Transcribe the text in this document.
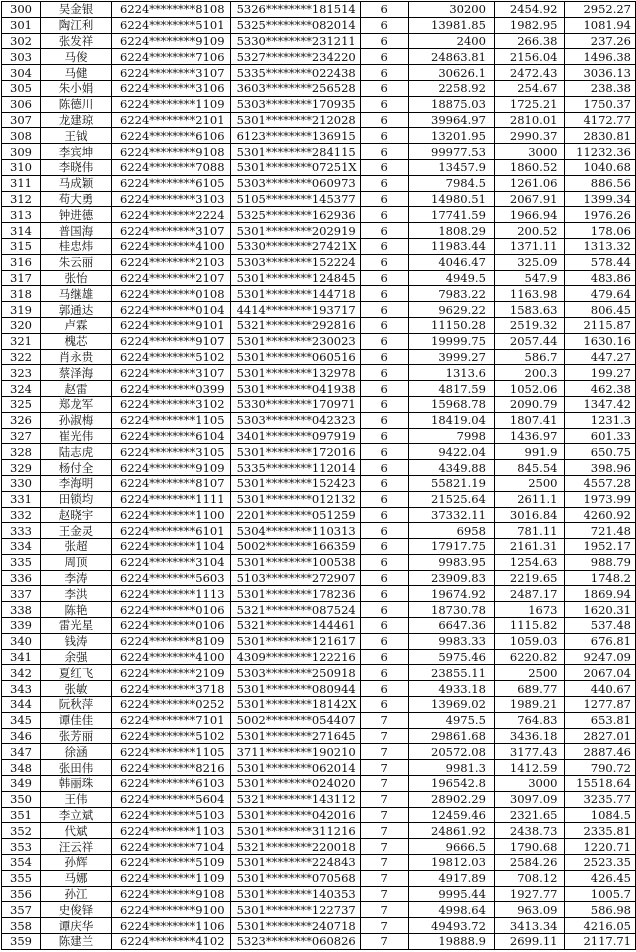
300	吴金银	6224********8108	5326********181514	6	30200	2454.92	2952.27
301	陶江利	6224********5101	5325********082014	6	13981.85	1982.95	1081.94
302	张发祥	6224********9109	5330********231211	6	2400	266.38	237.26
303	马俊	6224********7106	5327********234220	6	24863.81	2156.04	1496.38
304	马健	6224********3107	5335********022438	6	30626.1	2472.43	3036.13
305	朱小娟	6224********3106	3603********256528	6	2258.92	254.67	238.38
306	陈德川	6224********1109	5303********170935	6	18875.03	1725.21	1750.37
307	龙建琼	6224********2101	5301********212028	6	39964.97	2810.01	4172.77
308	王钺	6224********6106	6123********136915	6	13201.95	2990.37	2830.81
309	李宾坤	6224********9108	5301********284115	6	99977.53	3000	11232.36
310	李晓伟	6224********7088	5301********07251X	6	13457.9	1860.52	1040.68
311	马成颖	6224********6105	5303********060973	6	7984.5	1261.06	886.56
312	苟大勇	6224********3103	5105********145377	6	14980.51	2067.91	1399.34
313	钟进德	6224********2224	5325********162936	6	17741.59	1966.94	1976.26
314	普国海	6224********3107	5301********202919	6	1808.29	200.52	178.06
315	桂忠炜	6224********4100	5330********27421X	6	11983.44	1371.11	1313.32
316	朱云丽	6224********2103	5303********152224	6	4046.47	325.09	578.44
317	张怡	6224********2107	5301********124845	6	4949.5	547.9	483.86
318	马继雄	6224********0108	5301********144718	6	7983.22	1163.98	479.64
319	郭通达	6224********0104	4414********193717	6	9629.22	1583.63	806.45
320	卢霖	6224********9101	5321********292816	6	11150.28	2519.32	2115.87
321	槐芯	6224********9107	5301********230023	6	19999.75	2057.44	1630.16
322	肖永贵	6224********5102	5301********060516	6	3999.27	586.7	447.27
323	蔡泽海	6224********3107	5301********132978	6	1313.6	200.3	199.27
324	赵雷	6224********0399	5301********041938	6	4817.59	1052.06	462.38
325	郑龙军	6224********3102	5330********170971	6	15968.78	2090.79	1347.42
326	孙淑梅	6224********1105	5303********042323	6	18419.04	1807.41	1231.3
327	崔光伟	6224********6104	3401********097919	6	7998	1436.97	601.33
328	陆志虎	6224********3105	5301********172016	6	9422.04	991.9	650.75
329	杨付全	6224********9109	5335********112014	6	4349.88	845.54	398.96
330	李海明	6224********8107	5301********152423	6	55821.19	2500	4557.28
331	田锁均	6224********1111	5301********012132	6	21525.64	2611.1	1973.99
332	赵晓宇	6224********1100	2201********051259	6	37332.11	3016.84	4260.92
333	王金灵	6224********6101	5304********110313	6	6958	781.11	721.48
334	张超	6224********1104	5002********166359	6	17917.75	2161.31	1952.17
335	周顶	6224********3104	5301********100538	6	9983.95	1254.63	988.79
336	李涛	6224********5603	5103********272907	6	23909.83	2219.65	1748.2
337	李洪	6224********1113	5301********178236	6	19674.92	2487.17	1869.94
338	陈艳	6224********0106	5321********087524	6	18730.78	1673	1620.31
339	雷光星	6224********0106	5321********144461	6	6647.36	1115.82	537.48
340	钱涛	6224********8109	5301********121617	6	9983.33	1059.03	676.81
341	余强	6224********4100	4309********122216	6	5975.46	6220.82	9247.09
342	夏红飞	6224********2109	5303********250918	6	23855.11	2500	2067.04
343	张敏	6224********3718	5301********080944	6	4933.18	689.77	440.67
344	阮秋萍	6224********0252	5301********18142X	6	13969.02	1989.21	1277.87
345	谭佳佳	6224********7101	5002********054407	7	4975.5	764.83	653.81
346	张芳丽	6224********5102	5301********271645	7	29861.68	3436.18	2827.01
347	徐涵	6224********1105	3711********190210	7	20572.08	3177.43	2887.46
348	张田伟	6224********8216	5301********062014	7	9981.3	1412.59	790.72
349	韩丽珠	6224********6103	5301********024020	7	196542.8	3000	15518.64
350	王伟	6224********5604	5321********143112	7	28902.29	3097.09	3235.77
351	李立斌	6224********5103	5301********042016	7	12459.46	2321.65	1084.5
352	代斌	6224********1103	5301********311216	7	24861.92	2438.73	2335.81
353	汪云祥	6224********7104	5321********220018	7	9666.5	1790.68	1220.71
354	孙辉	6224********5109	5301********224843	7	19812.03	2584.26	2523.35
355	马娜	6224********1109	5301********070568	7	4917.89	708.12	426.45
356	孙江	6224********9108	5301********140353	7	9995.44	1927.77	1005.7
357	史俊铎	6224********9100	5301********122737	7	4998.64	963.09	586.98
358	谭庆华	6224********1106	5301********240718	7	49493.72	3413.34	4216.05
359	陈建兰	6224********4102	5323********060826	7	19888.9	2699.11	2117.71
